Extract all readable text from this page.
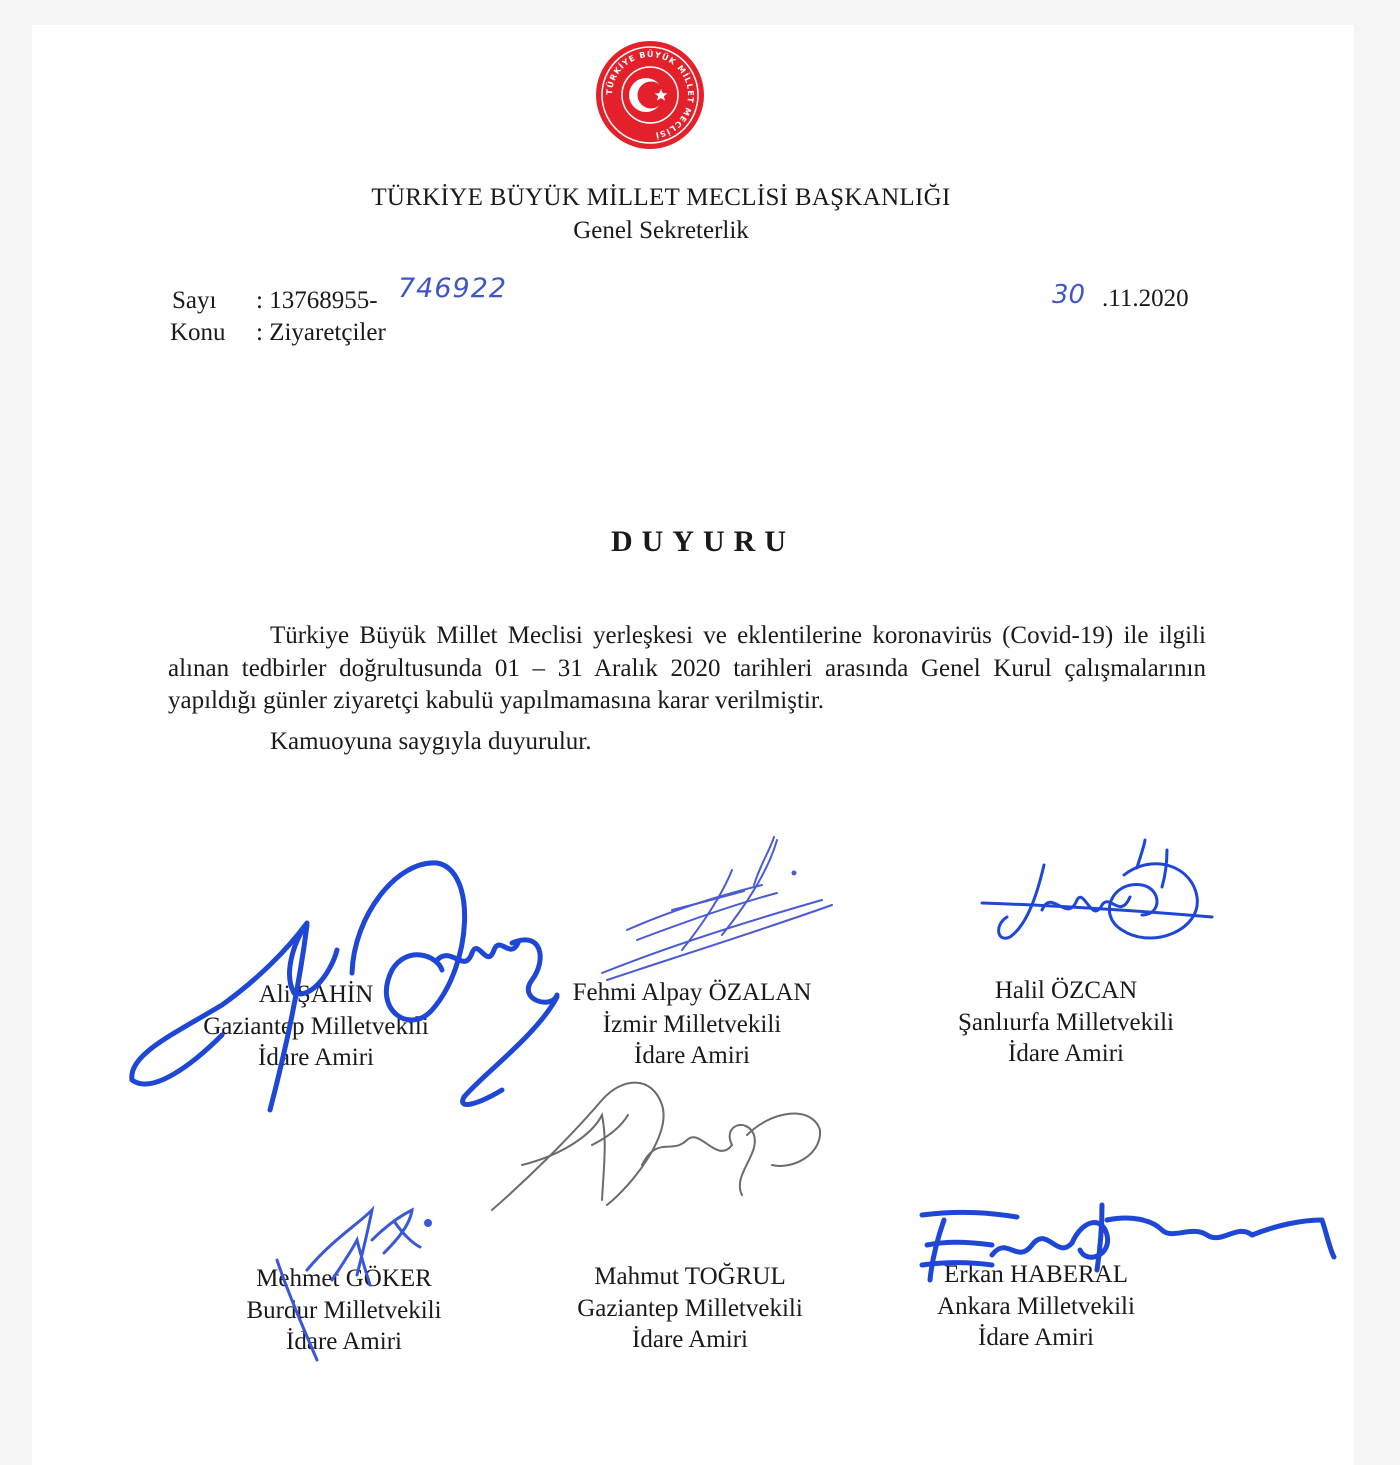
TÜRKİYE BÜYÜK MİLLET MECLİSİ
TÜRKİYE BÜYÜK MİLLET MECLİSİ BAŞKANLIĞI
Genel Sekreterlik
Sayı : 13768955- 746922
Konu : Ziyaretçiler
30 .11.2020
DUYURU

Türkiye Büyük Millet Meclisi yerleşkesi ve eklentilerine koronavirüs (Covid-19) ile ilgili alınan tedbirler doğrultusunda 01 – 31 Aralık 2020 tarihleri arasında Genel Kurul çalışmalarının yapıldığı günler ziyaretçi kabulü yapılmamasına karar verilmiştir.

Kamuoyuna saygıyla duyurulur.
Ali ŞAHİN
Gaziantep Milletvekili
İdare Amiri
Fehmi Alpay ÖZALAN
İzmir Milletvekili
İdare Amiri
Halil ÖZCAN
Şanlıurfa Milletvekili
İdare Amiri
Mehmet GÖKER
Burdur Milletvekili
İdare Amiri
Mahmut TOĞRUL
Gaziantep Milletvekili
İdare Amiri
Erkan HABERAL
Ankara Milletvekili
İdare Amiri
